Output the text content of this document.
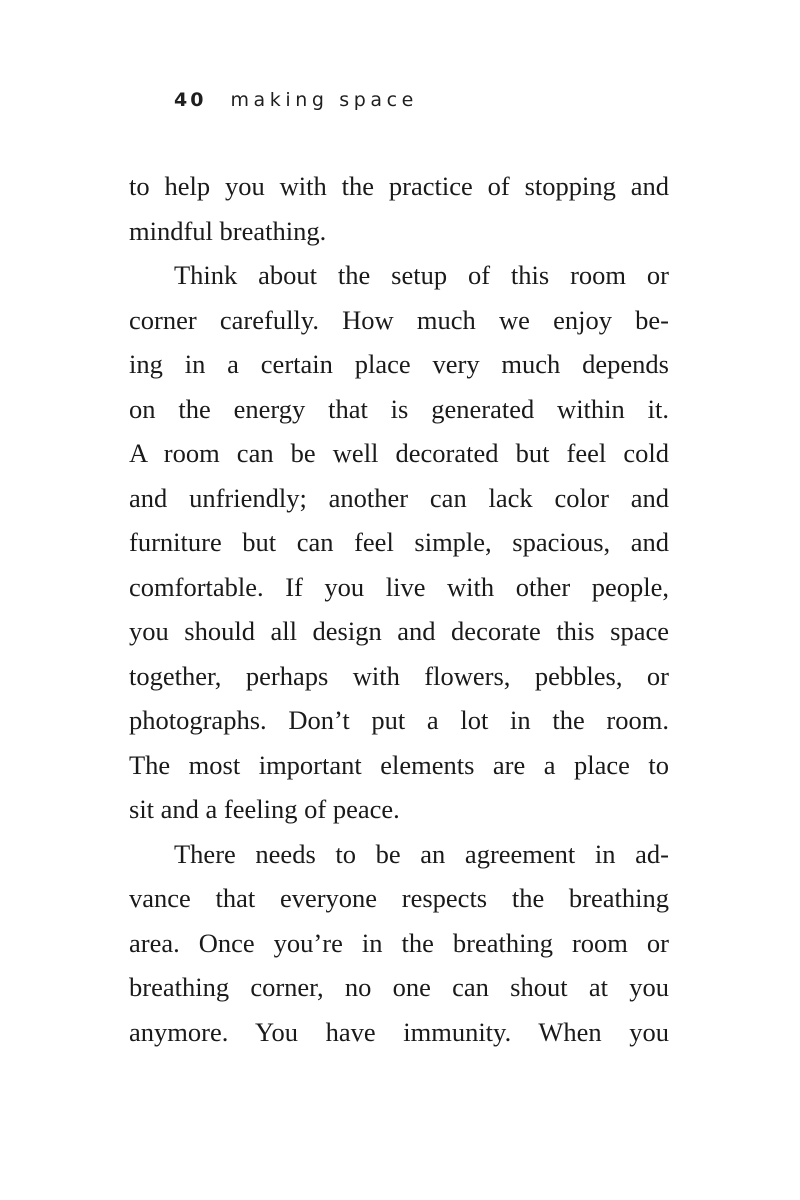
40 making space
to help you with the practice of stopping and
mindful breathing.
Think about the setup of this room or
corner carefully. How much we enjoy be-
ing in a certain place very much depends
on the energy that is generated within it.
A room can be well decorated but feel cold
and unfriendly; another can lack color and
furniture but can feel simple, spacious, and
comfortable. If you live with other people,
you should all design and decorate this space
together, perhaps with flowers, pebbles, or
photographs. Don’t put a lot in the room.
The most important elements are a place to
sit and a feeling of peace.
There needs to be an agreement in ad-
vance that everyone respects the breathing
area. Once you’re in the breathing room or
breathing corner, no one can shout at you
anymore. You have immunity. When you
